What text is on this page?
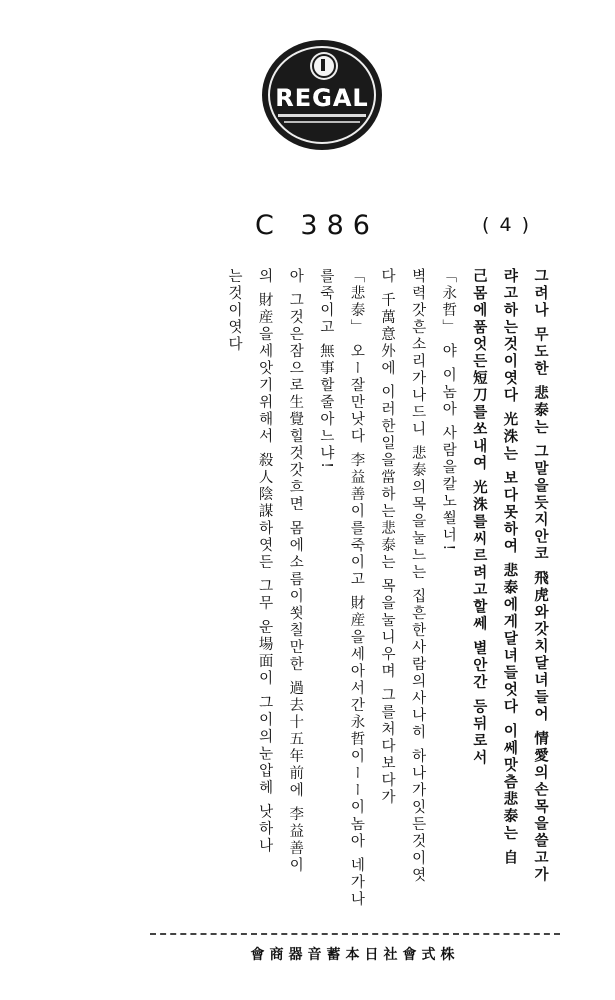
REGAL
C 386	( 4 )
그려나 무도한 悲泰는 그말을듯지안코 飛虎와갓치달녀들어 情愛의손목을쓸고가
랴고하는것이엿다 光洙는 보다못하여 悲泰에게달녀들엇다 이쎄맛츰悲泰는 自
己몸에품엇든短刀를쏘내여 光洙를씨르려고할쎄 별안간 등뒤로서
「永哲」 야 이놈아 사람을칼노쐴너!
벽력갓흔소리가나드니 悲泰의목을눌느는 집흔한사람의사나히 하나가잇든것이엿
다 千萬意外에 이러한일을當하는悲泰는 목을눌니우며 그를처다보다가
「悲泰」 오ー잘만낫다 李益善이를죽이고 財産을세아서간永哲이ーー이놈아 네가나
를죽이고 無事할줄아느냐!
아 그것은잠으로生覺힐것갓흐면 몸에소름이쐿칠만한 過去十五年前에 李益善이
의 財産을세앗기위해서 殺人陰謀하엿든 그무 운場面이 그이의눈압헤 낫하나
는것이엿다
會商器音蓄本日社會式株
